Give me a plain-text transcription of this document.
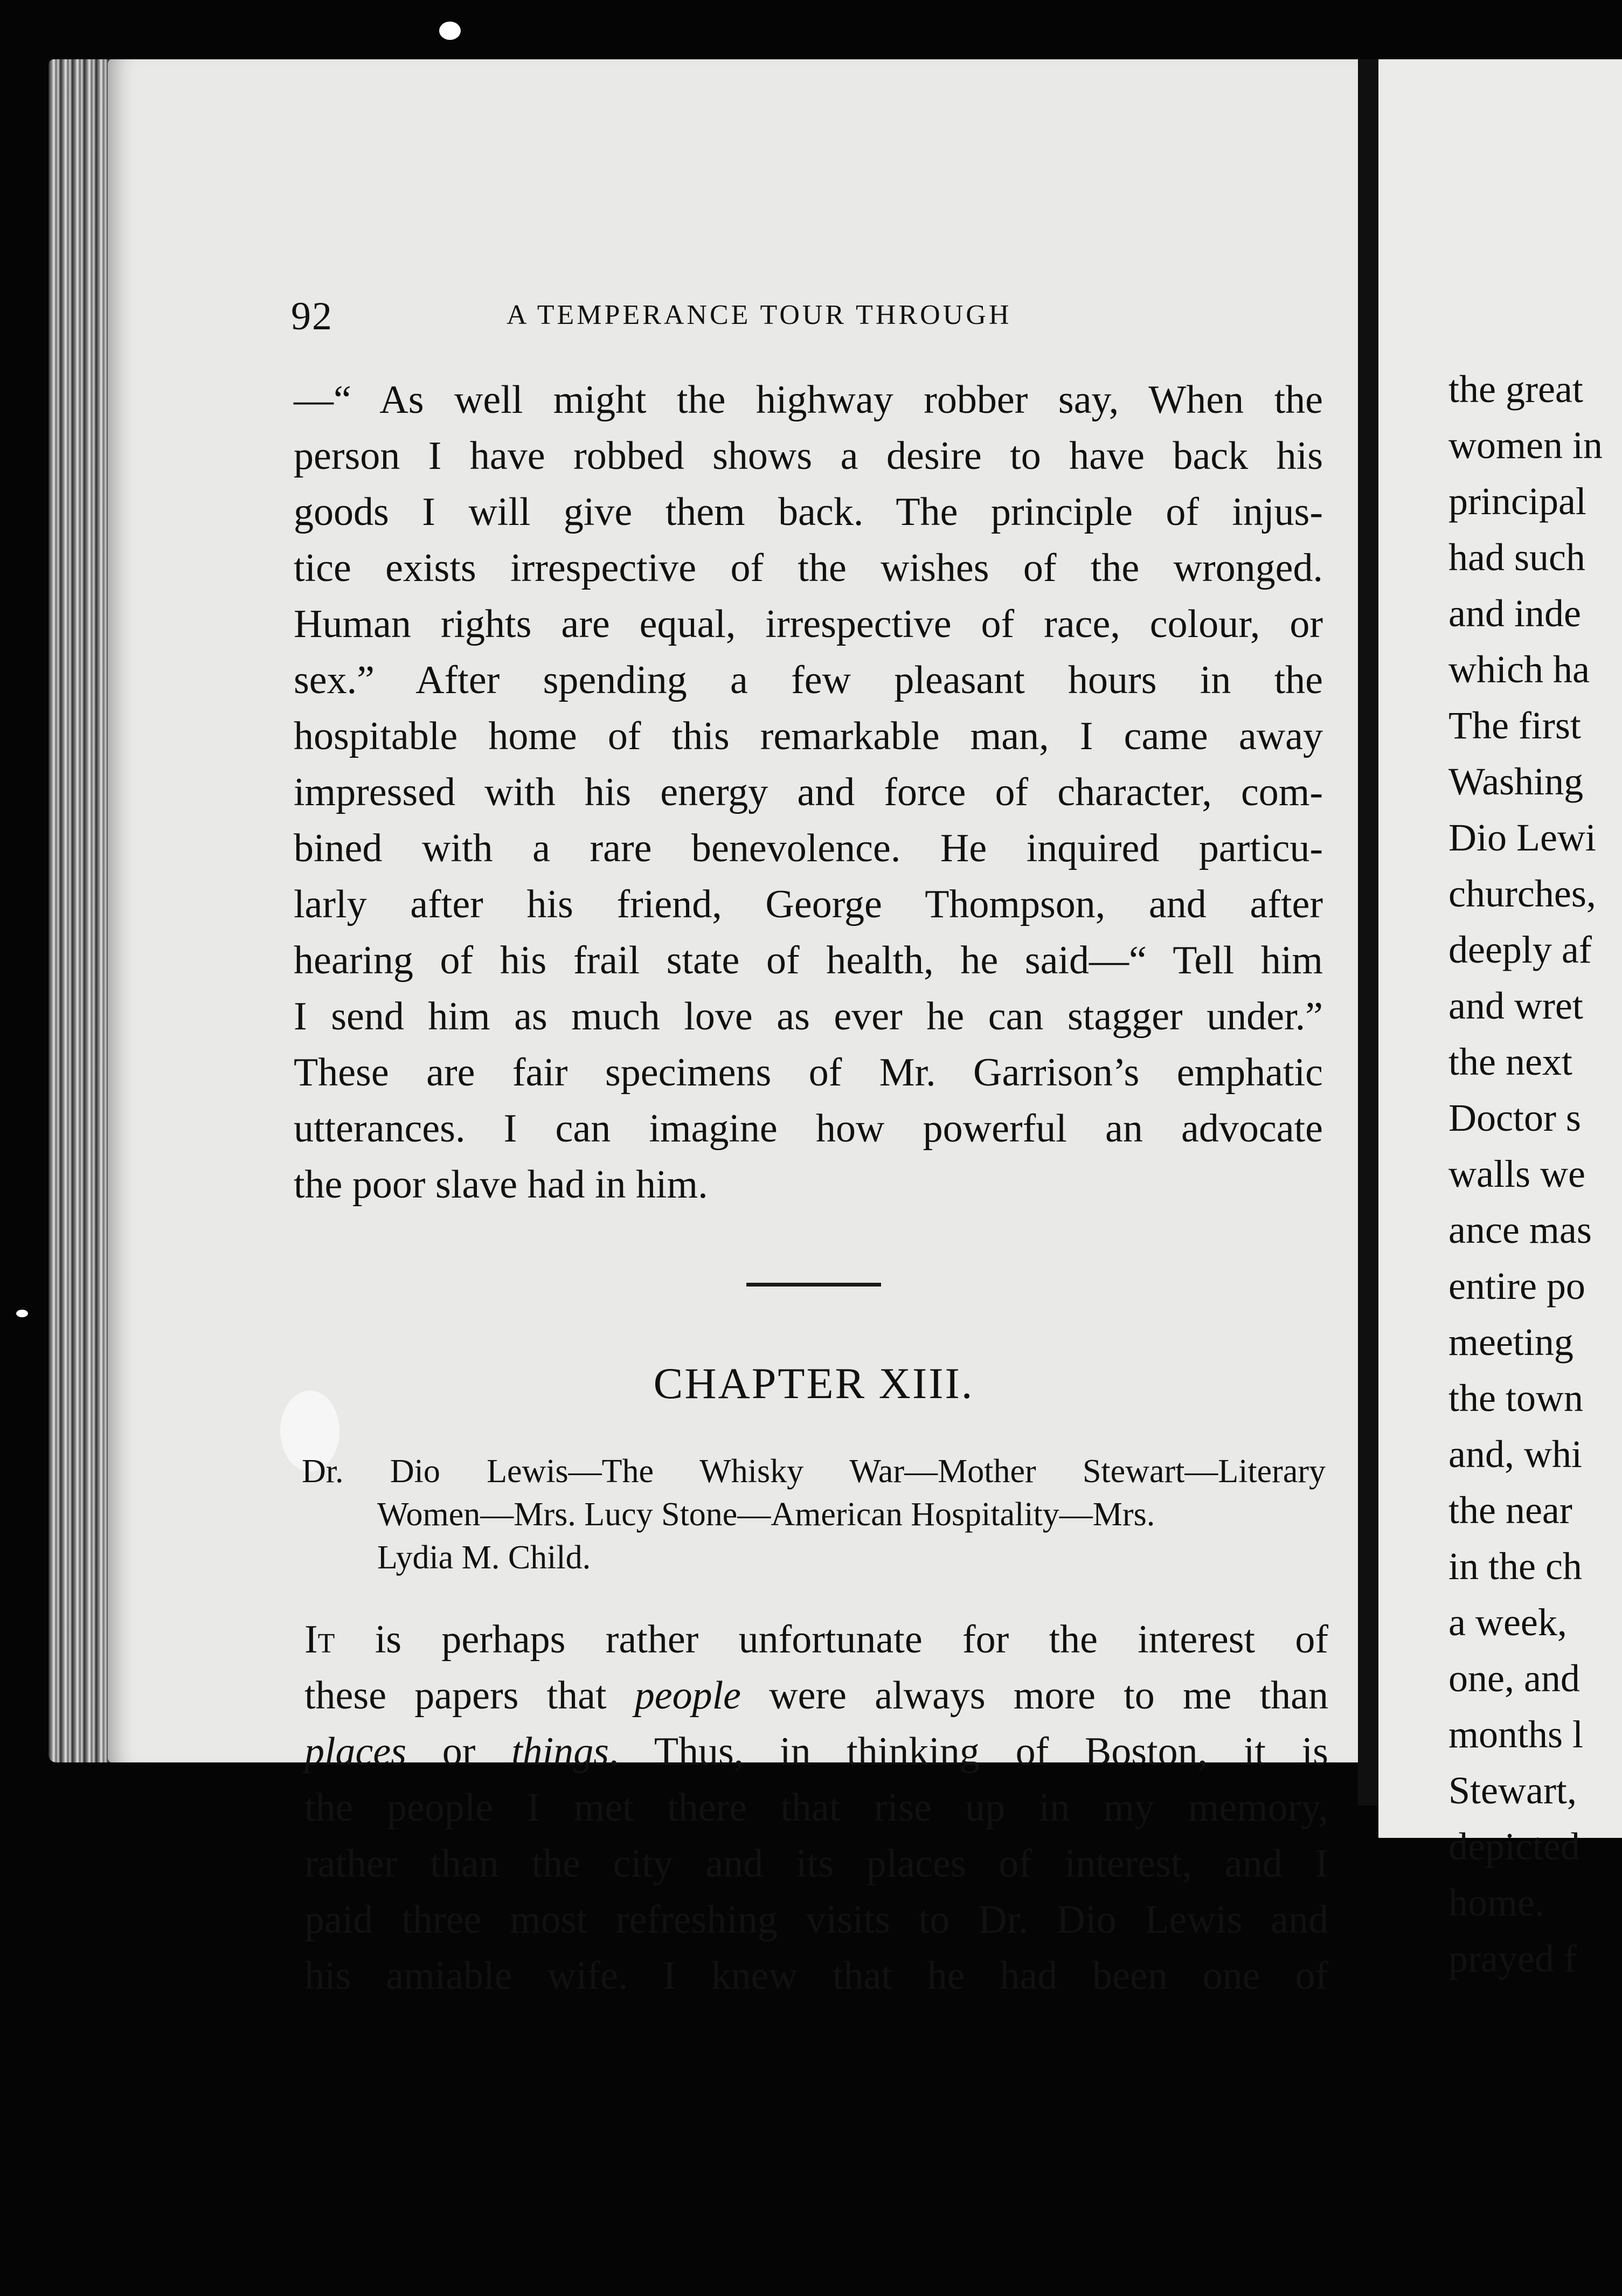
92	A TEMPERANCE TOUR THROUGH
—“ As well might the highway robber say, When the
person I have robbed shows a desire to have back his
goods I will give them back. The principle of injus-
tice exists irrespective of the wishes of the wronged.
Human rights are equal, irrespective of race, colour, or
sex.” After spending a few pleasant hours in the
hospitable home of this remarkable man, I came away
impressed with his energy and force of character, com-
bined with a rare benevolence. He inquired particu-
larly after his friend, George Thompson, and after
hearing of his frail state of health, he said—“ Tell him
I send him as much love as ever he can stagger under.”
These are fair specimens of Mr. Garrison’s emphatic
utterances. I can imagine how powerful an advocate
the poor slave had in him.
CHAPTER XIII.
Dr. Dio Lewis—The Whisky War—Mother Stewart—Literary
Women—Mrs. Lucy Stone—American Hospitality—Mrs.
Lydia M. Child.
It is perhaps rather unfortunate for the interest of
these papers that people were always more to me than
places or things. Thus, in thinking of Boston, it is
the people I met there that rise up in my memory,
rather than the city and its places of interest, and I
paid three most refreshing visits to Dr. Dio Lewis and
his amiable wife. I knew that he had been one of
the great
women in
principal
had such
and inde
which ha
The first
Washing
Dio Lewi
churches,
deeply af
and wret
the next
Doctor s
walls we
ance mas
entire po
meeting
the town
and, whi
the near
in the ch
a week,
one, and
months l
Stewart,
depicted
home.
prayed f
